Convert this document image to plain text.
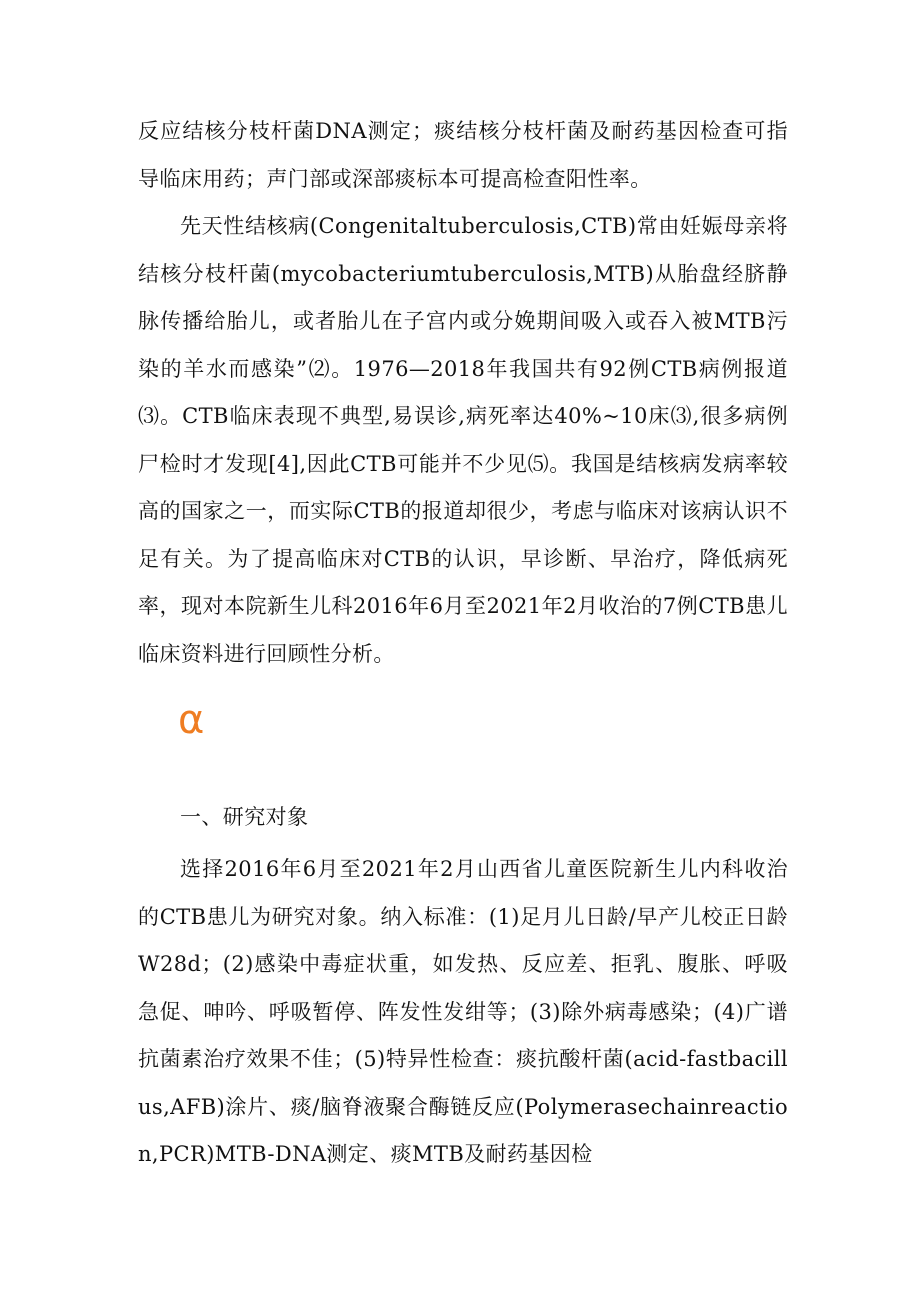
反应结核分枝杆菌DNA测定；痰结核分枝杆菌及耐药基因检查可指导临床用药；声门部或深部痰标本可提高检查阳性率。

先天性结核病(Congenitaltuberculosis,CTB)常由妊娠母亲将结核分枝杆菌(mycobacteriumtuberculosis,MTB)从胎盘经脐静脉传播给胎儿，或者胎儿在子宫内或分娩期间吸入或吞入被MTB污染的羊水而感染”⑵。1976—2018年我国共有92例CTB病例报道⑶。CTB临床表现不典型,易误诊,病死率达40%~10床⑶,很多病例尸检时才发现[4],因此CTB可能并不少见⑸。我国是结核病发病率较高的国家之一，而实际CTB的报道却很少，考虑与临床对该病认识不足有关。为了提高临床对CTB的认识，早诊断、早治疗，降低病死率，现对本院新生儿科2016年6月至2021年2月收治的7例CTB患儿临床资料进行回顾性分析。

α
一、研究对象

选择2016年6月至2021年2月山西省儿童医院新生儿内科收治的CTB患儿为研究对象。纳入标准：(1)足月儿日龄/早产儿校正日龄W28d；(2)感染中毒症状重，如发热、反应差、拒乳、腹胀、呼吸急促、呻吟、呼吸暂停、阵发性发绀等；(3)除外病毒感染；(4)广谱抗菌素治疗效果不佳；(5)特异性检查：痰抗酸杆菌(acid-fastbacillus,AFB)涂片、痰/脑脊液聚合酶链反应(Polymerasechainreaction,PCR)MTB-DNA测定、痰MTB及耐药基因检
